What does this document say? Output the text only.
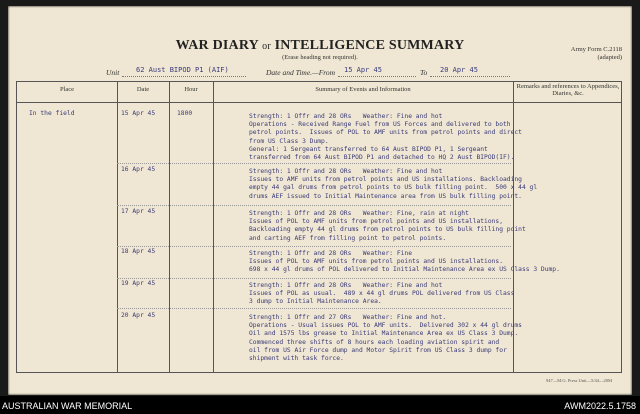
Army Form C.2118
(adapted)
WAR DIARY or INTELLIGENCE SUMMARY
(Erase heading not required).
Unit 62 Aust BIPOD P1 (AIF)	Date and Time.—From 15 Apr 45	To 20 Apr 45
Place	Date	Hour	Summary of Events and Information	Remarks and references to Appendices, Diaries, &c.
In the field	15 Apr 45	1800	Strength: 1 Offr and 28 ORs   Weather: Fine and hot
Operations - Received Range Fuel from US Forces and delivered to both
petrol points.  Issues of POL to AMF units from petrol points and direct
from US Class 3 Dump.
General: 1 Sergeant transferred to 64 Aust BIPOD P1, 1 Sergeant
transferred from 64 Aust BIPOD P1 and detached to HQ 2 Aust BIPOD(IF).
16 Apr 45	Strength: 1 Offr and 28 ORs   Weather: Fine and hot
Issues to AMF units from petrol points and US installations. Backloading
empty 44 gal drums from petrol points to US bulk filling point.  500 x 44 gl
drums AEF issued to Initial Maintenance area from US bulk filling point.
17 Apr 45	Strength: 1 Offr and 28 ORs   Weather: Fine, rain at night
Issues of POL to AMF units from petrol points and US installations,
Backloading empty 44 gl drums from petrol points to US bulk filling point
and carting AEF from filling point to petrol points.
18 Apr 45	Strength: 1 Offr and 28 ORs   Weather: Fine
Issues of POL to AMF units from petrol points and US installations.
698 x 44 gl drums of POL delivered to Initial Maintenance Area ex US Class 3 Dump.
19 Apr 45	Strength: 1 Offr and 28 ORs   Weather: Fine and hot
Issues of POL as usual.  489 x 44 gl drums POL delivered from US Class
3 dump to Initial Maintenance Area.
20 Apr 45	Strength: 1 Offr and 27 ORs   Weather: Fine and hot.
Operations - Usual issues POL to AMF units.  Delivered 302 x 44 gl drums
Oil and 1575 lbs grease to Initial Maintenance Area ex US Class 3 Dump.
Commenced three shifts of 8 hours each loading aviation spirit and
oil from US Air Force dump and Motor Spirit from US Class 3 dump for
shipment with task force.
947—M.G. Press Unit—5/44—20M
AUSTRALIAN WAR MEMORIAL	AWM2022.5.1758
